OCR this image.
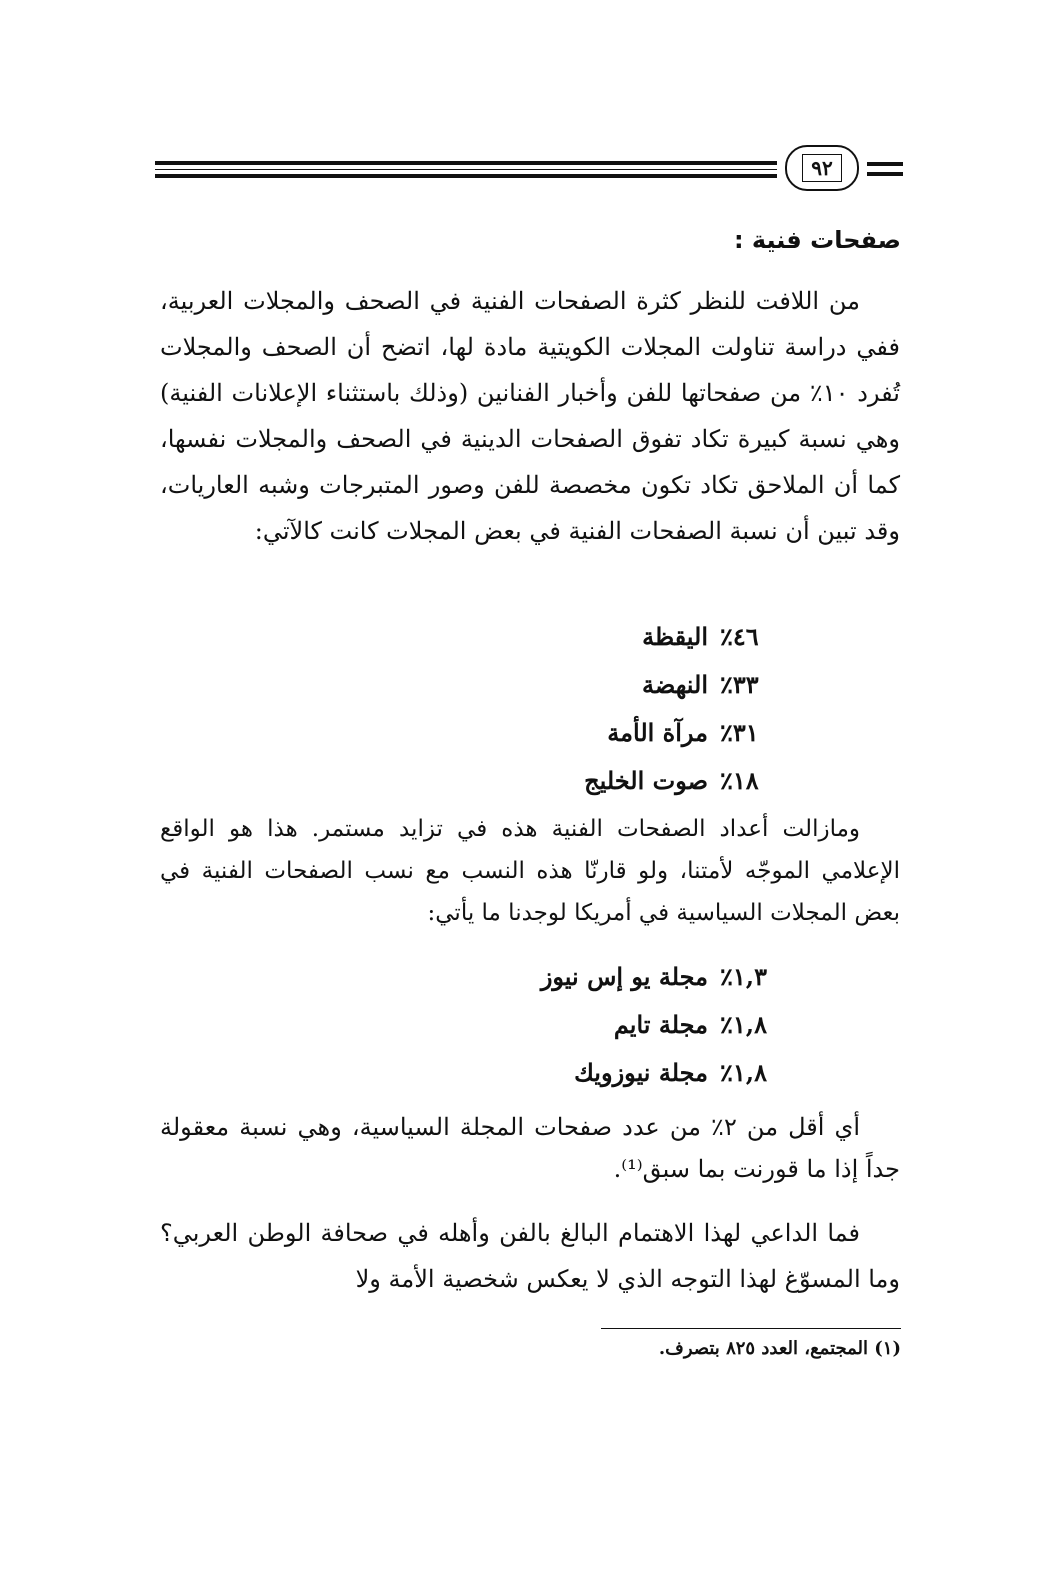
٩٢
صفحات فنية :

من اللافت للنظر كثرة الصفحات الفنية في الصحف والمجلات العربية، ففي دراسة تناولت المجلات الكويتية مادة لها، اتضح أن الصحف والمجلات تُفرد ١٠٪ من صفحاتها للفن وأخبار الفنانين (وذلك باستثناء الإعلانات الفنية) وهي نسبة كبيرة تكاد تفوق الصفحات الدينية في الصحف والمجلات نفسها، كما أن الملاحق تكاد تكون مخصصة للفن وصور المتبرجات وشبه العاريات، وقد تبين أن نسبة الصفحات الفنية في بعض المجلات كانت كالآتي:

اليقظة ٤٦٪
النهضة ٣٣٪
مرآة الأمة ٣١٪
صوت الخليج ١٨٪

ومازالت أعداد الصفحات الفنية هذه في تزايد مستمر. هذا هو الواقع الإعلامي الموجّه لأمتنا، ولو قارنّا هذه النسب مع نسب الصفحات الفنية في بعض المجلات السياسية في أمريكا لوجدنا ما يأتي:

مجلة يو إس نيوز ١,٣٪
مجلة تايم ١,٨٪
مجلة نيوزويك ١,٨٪

أي أقل من ٢٪ من عدد صفحات المجلة السياسية، وهي نسبة معقولة جداً إذا ما قورنت بما سبق⁽¹⁾.

فما الداعي لهذا الاهتمام البالغ بالفن وأهله في صحافة الوطن العربي؟ وما المسوّغ لهذا التوجه الذي لا يعكس شخصية الأمة ولا

(١) المجتمع، العدد ٨٢٥ بتصرف.
